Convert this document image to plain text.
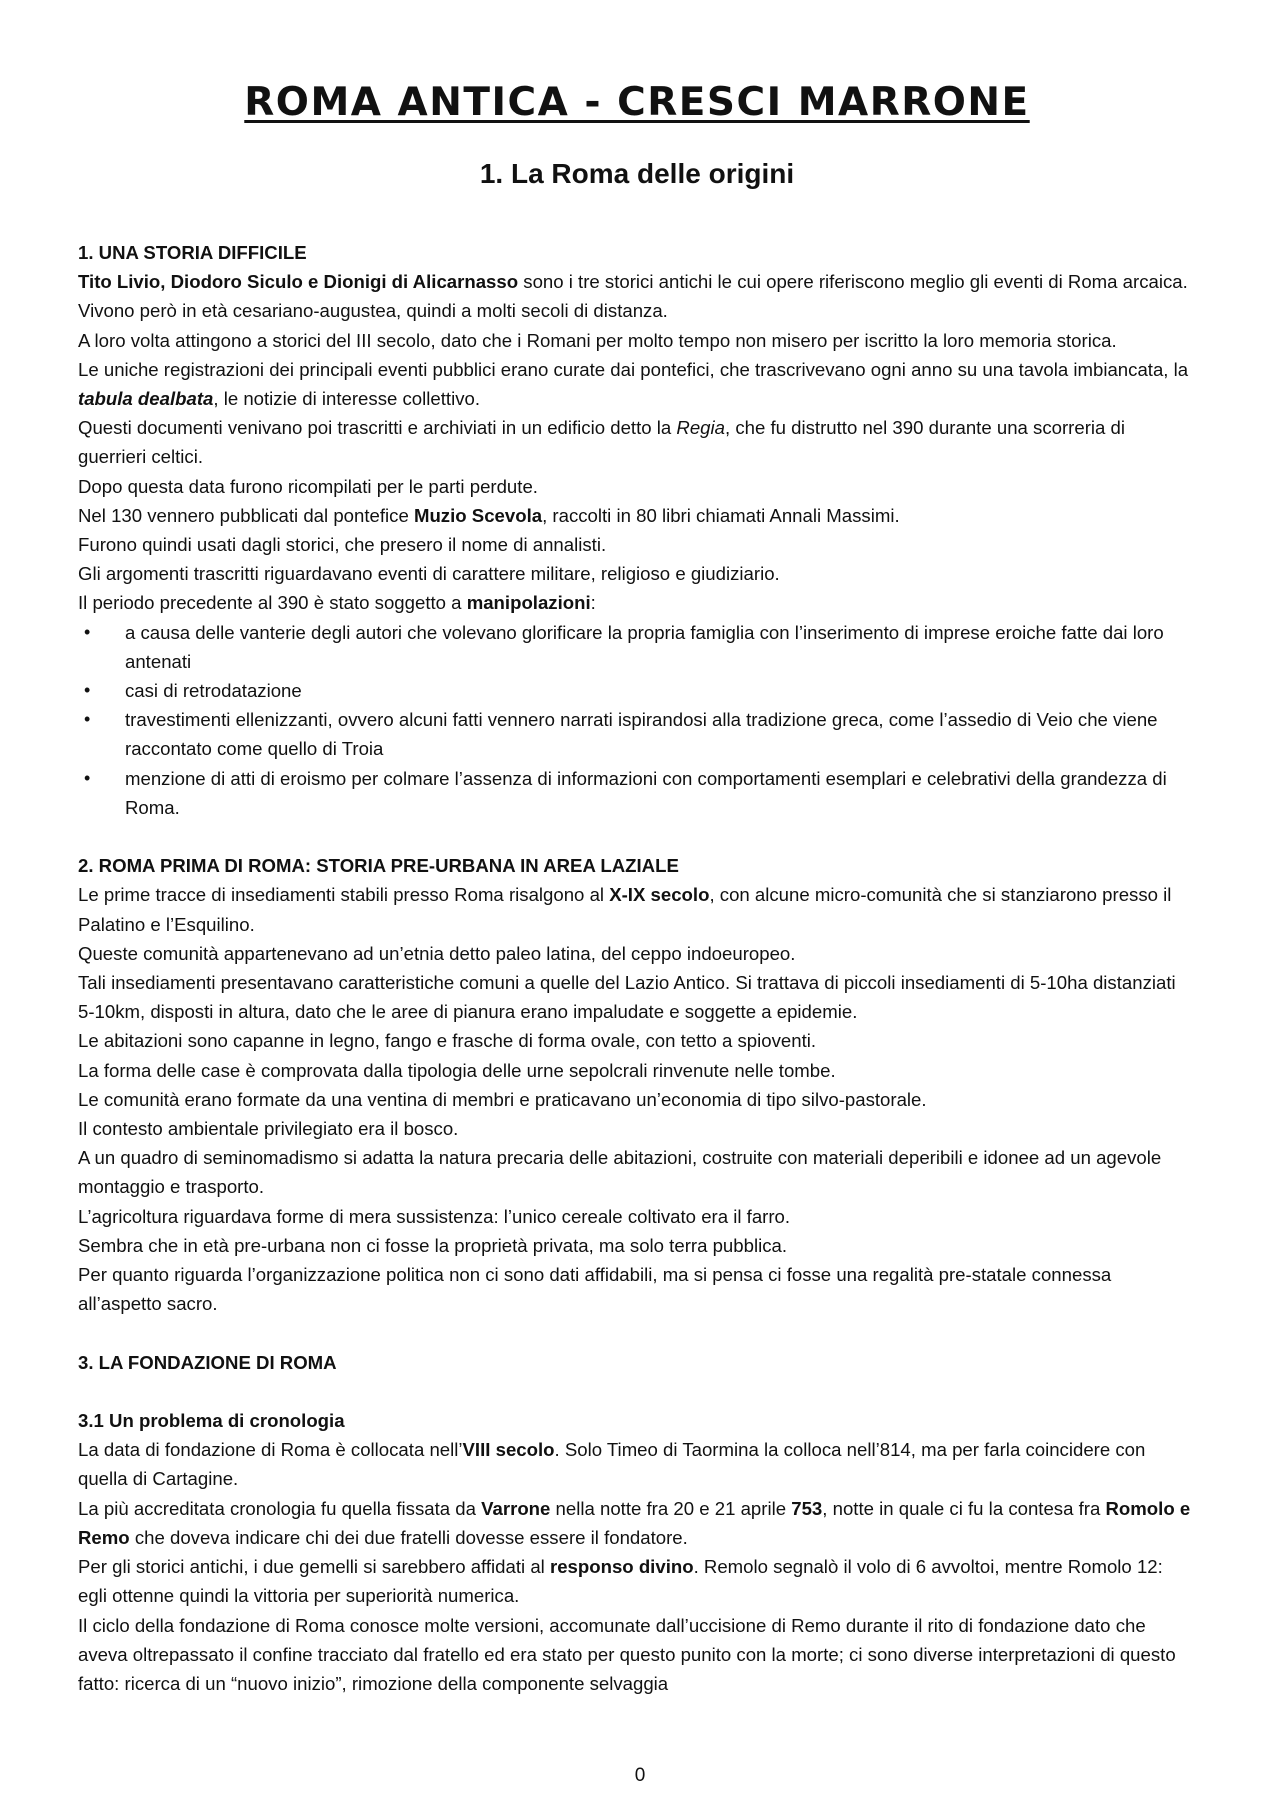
ROMA ANTICA - CRESCI MARRONE
1. La Roma delle origini

1. UNA STORIA DIFFICILE

Tito Livio, Diodoro Siculo e Dionigi di Alicarnasso sono i tre storici antichi le cui opere riferiscono meglio gli eventi di Roma arcaica. Vivono però in età cesariano-augustea, quindi a molti secoli di distanza.

A loro volta attingono a storici del III secolo, dato che i Romani per molto tempo non misero per iscritto la loro memoria storica.

Le uniche registrazioni dei principali eventi pubblici erano curate dai pontefici, che trascrivevano ogni anno su una tavola imbiancata, la tabula dealbata, le notizie di interesse collettivo.

Questi documenti venivano poi trascritti e archiviati in un edificio detto la Regia, che fu distrutto nel 390 durante una scorreria di guerrieri celtici.

Dopo questa data furono ricompilati per le parti perdute.

Nel 130 vennero pubblicati dal pontefice Muzio Scevola, raccolti in 80 libri chiamati Annali Massimi.

Furono quindi usati dagli storici, che presero il nome di annalisti.

Gli argomenti trascritti riguardavano eventi di carattere militare, religioso e giudiziario.

Il periodo precedente al 390 è stato soggetto a manipolazioni:

• a causa delle vanterie degli autori che volevano glorificare la propria famiglia con l’inserimento di imprese eroiche fatte dai loro antenati
• casi di retrodatazione
• travestimenti ellenizzanti, ovvero alcuni fatti vennero narrati ispirandosi alla tradizione greca, come l’assedio di Veio che viene raccontato come quello di Troia
• menzione di atti di eroismo per colmare l’assenza di informazioni con comportamenti esemplari e celebrativi della grandezza di Roma.

2. ROMA PRIMA DI ROMA: STORIA PRE-URBANA IN AREA LAZIALE

Le prime tracce di insediamenti stabili presso Roma risalgono al X-IX secolo, con alcune micro-comunità che si stanziarono presso il Palatino e l’Esquilino.

Queste comunità appartenevano ad un’etnia detto paleo latina, del ceppo indoeuropeo.

Tali insediamenti presentavano caratteristiche comuni a quelle del Lazio Antico. Si trattava di piccoli insediamenti di 5-10ha distanziati 5-10km, disposti in altura, dato che le aree di pianura erano impaludate e soggette a epidemie.

Le abitazioni sono capanne in legno, fango e frasche di forma ovale, con tetto a spioventi.

La forma delle case è comprovata dalla tipologia delle urne sepolcrali rinvenute nelle tombe.

Le comunità erano formate da una ventina di membri e praticavano un’economia di tipo silvo-pastorale.

Il contesto ambientale privilegiato era il bosco.

A un quadro di seminomadismo si adatta la natura precaria delle abitazioni, costruite con materiali deperibili e idonee ad un agevole montaggio e trasporto.

L’agricoltura riguardava forme di mera sussistenza: l’unico cereale coltivato era il farro.

Sembra che in età pre-urbana non ci fosse la proprietà privata, ma solo terra pubblica.

Per quanto riguarda l’organizzazione politica non ci sono dati affidabili, ma si pensa ci fosse una regalità pre-statale connessa all’aspetto sacro.

3. LA FONDAZIONE DI ROMA

3.1 Un problema di cronologia

La data di fondazione di Roma è collocata nell’VIII secolo. Solo Timeo di Taormina la colloca nell’814, ma per farla coincidere con quella di Cartagine.

La più accreditata cronologia fu quella fissata da Varrone nella notte fra 20 e 21 aprile 753, notte in quale ci fu la contesa fra Romolo e Remo che doveva indicare chi dei due fratelli dovesse essere il fondatore.

Per gli storici antichi, i due gemelli si sarebbero affidati al responso divino. Remolo segnalò il volo di 6 avvoltoi, mentre Romolo 12: egli ottenne quindi la vittoria per superiorità numerica.

Il ciclo della fondazione di Roma conosce molte versioni, accomunate dall’uccisione di Remo durante il rito di fondazione dato che aveva oltrepassato il confine tracciato dal fratello ed era stato per questo punito con la morte; ci sono diverse interpretazioni di questo fatto: ricerca di un “nuovo inizio”, rimozione della componente selvaggia

0
